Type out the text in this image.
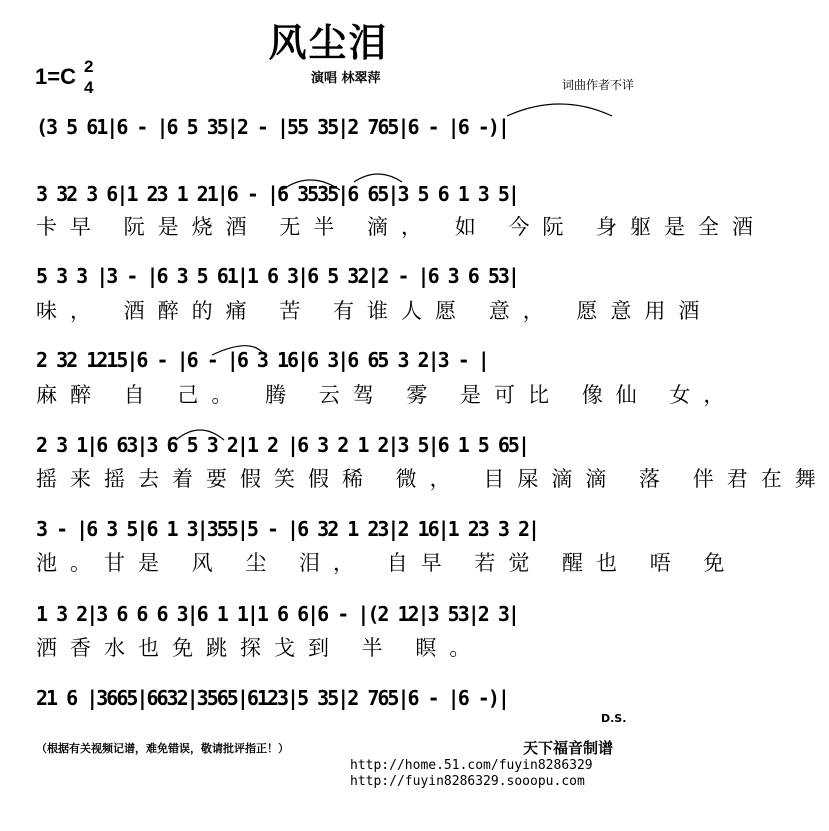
风尘泪
1=C 2
4	演唱 林翠萍	词曲作者不详
(3 5 61|6 - |6 5 35|2 - |55 35|2 765|6 - |6 -)|
3 32 3 6|1 23 1 21|6 - |6 3535|6 65|3 5 6 1 3 5|
卡早 阮是烧酒 无半 滴， 如 今阮 身躯是全酒
5 3 3 |3 - |6 3 5 61|1 6 3|6 5 32|2 - |6 3 6 53|
味， 酒醉的痛 苦 有谁人愿 意， 愿意用酒
2 32 1215|6 - |6 - |6 3 16|6 3|6 65 3 2|3 - |
麻醉 自 己。 腾 云驾 雾 是可比 像仙 女，
2 3 1|6 63|3 6 5 3 2|1 2 |6 3 2 1 2|3 5|6 1 5 65|
摇来摇去着要假笑假稀 微， 目屎滴滴 落 伴君在舞
3 - |6 3 5|6 1 3|355|5 - |6 32 1 23|2 16|1 23 3 2|
池。甘是 风 尘 泪， 自早 若觉 醒也 唔 免
1 3 2|3 6 6 6 3|6 1 1|1 6 6|6 - |(2 12|3 53|2 3|
洒香水也免跳探戈到 半 瞑。
21 6 |3665|6632|3565|6123|5 35|2 765|6 - |6 -)|
D.S.
（根据有关视频记谱，难免错误，敬请批评指正！）	天下福音制谱
http://home.51.com/fuyin8286329
http://fuyin8286329.sooopu.com
